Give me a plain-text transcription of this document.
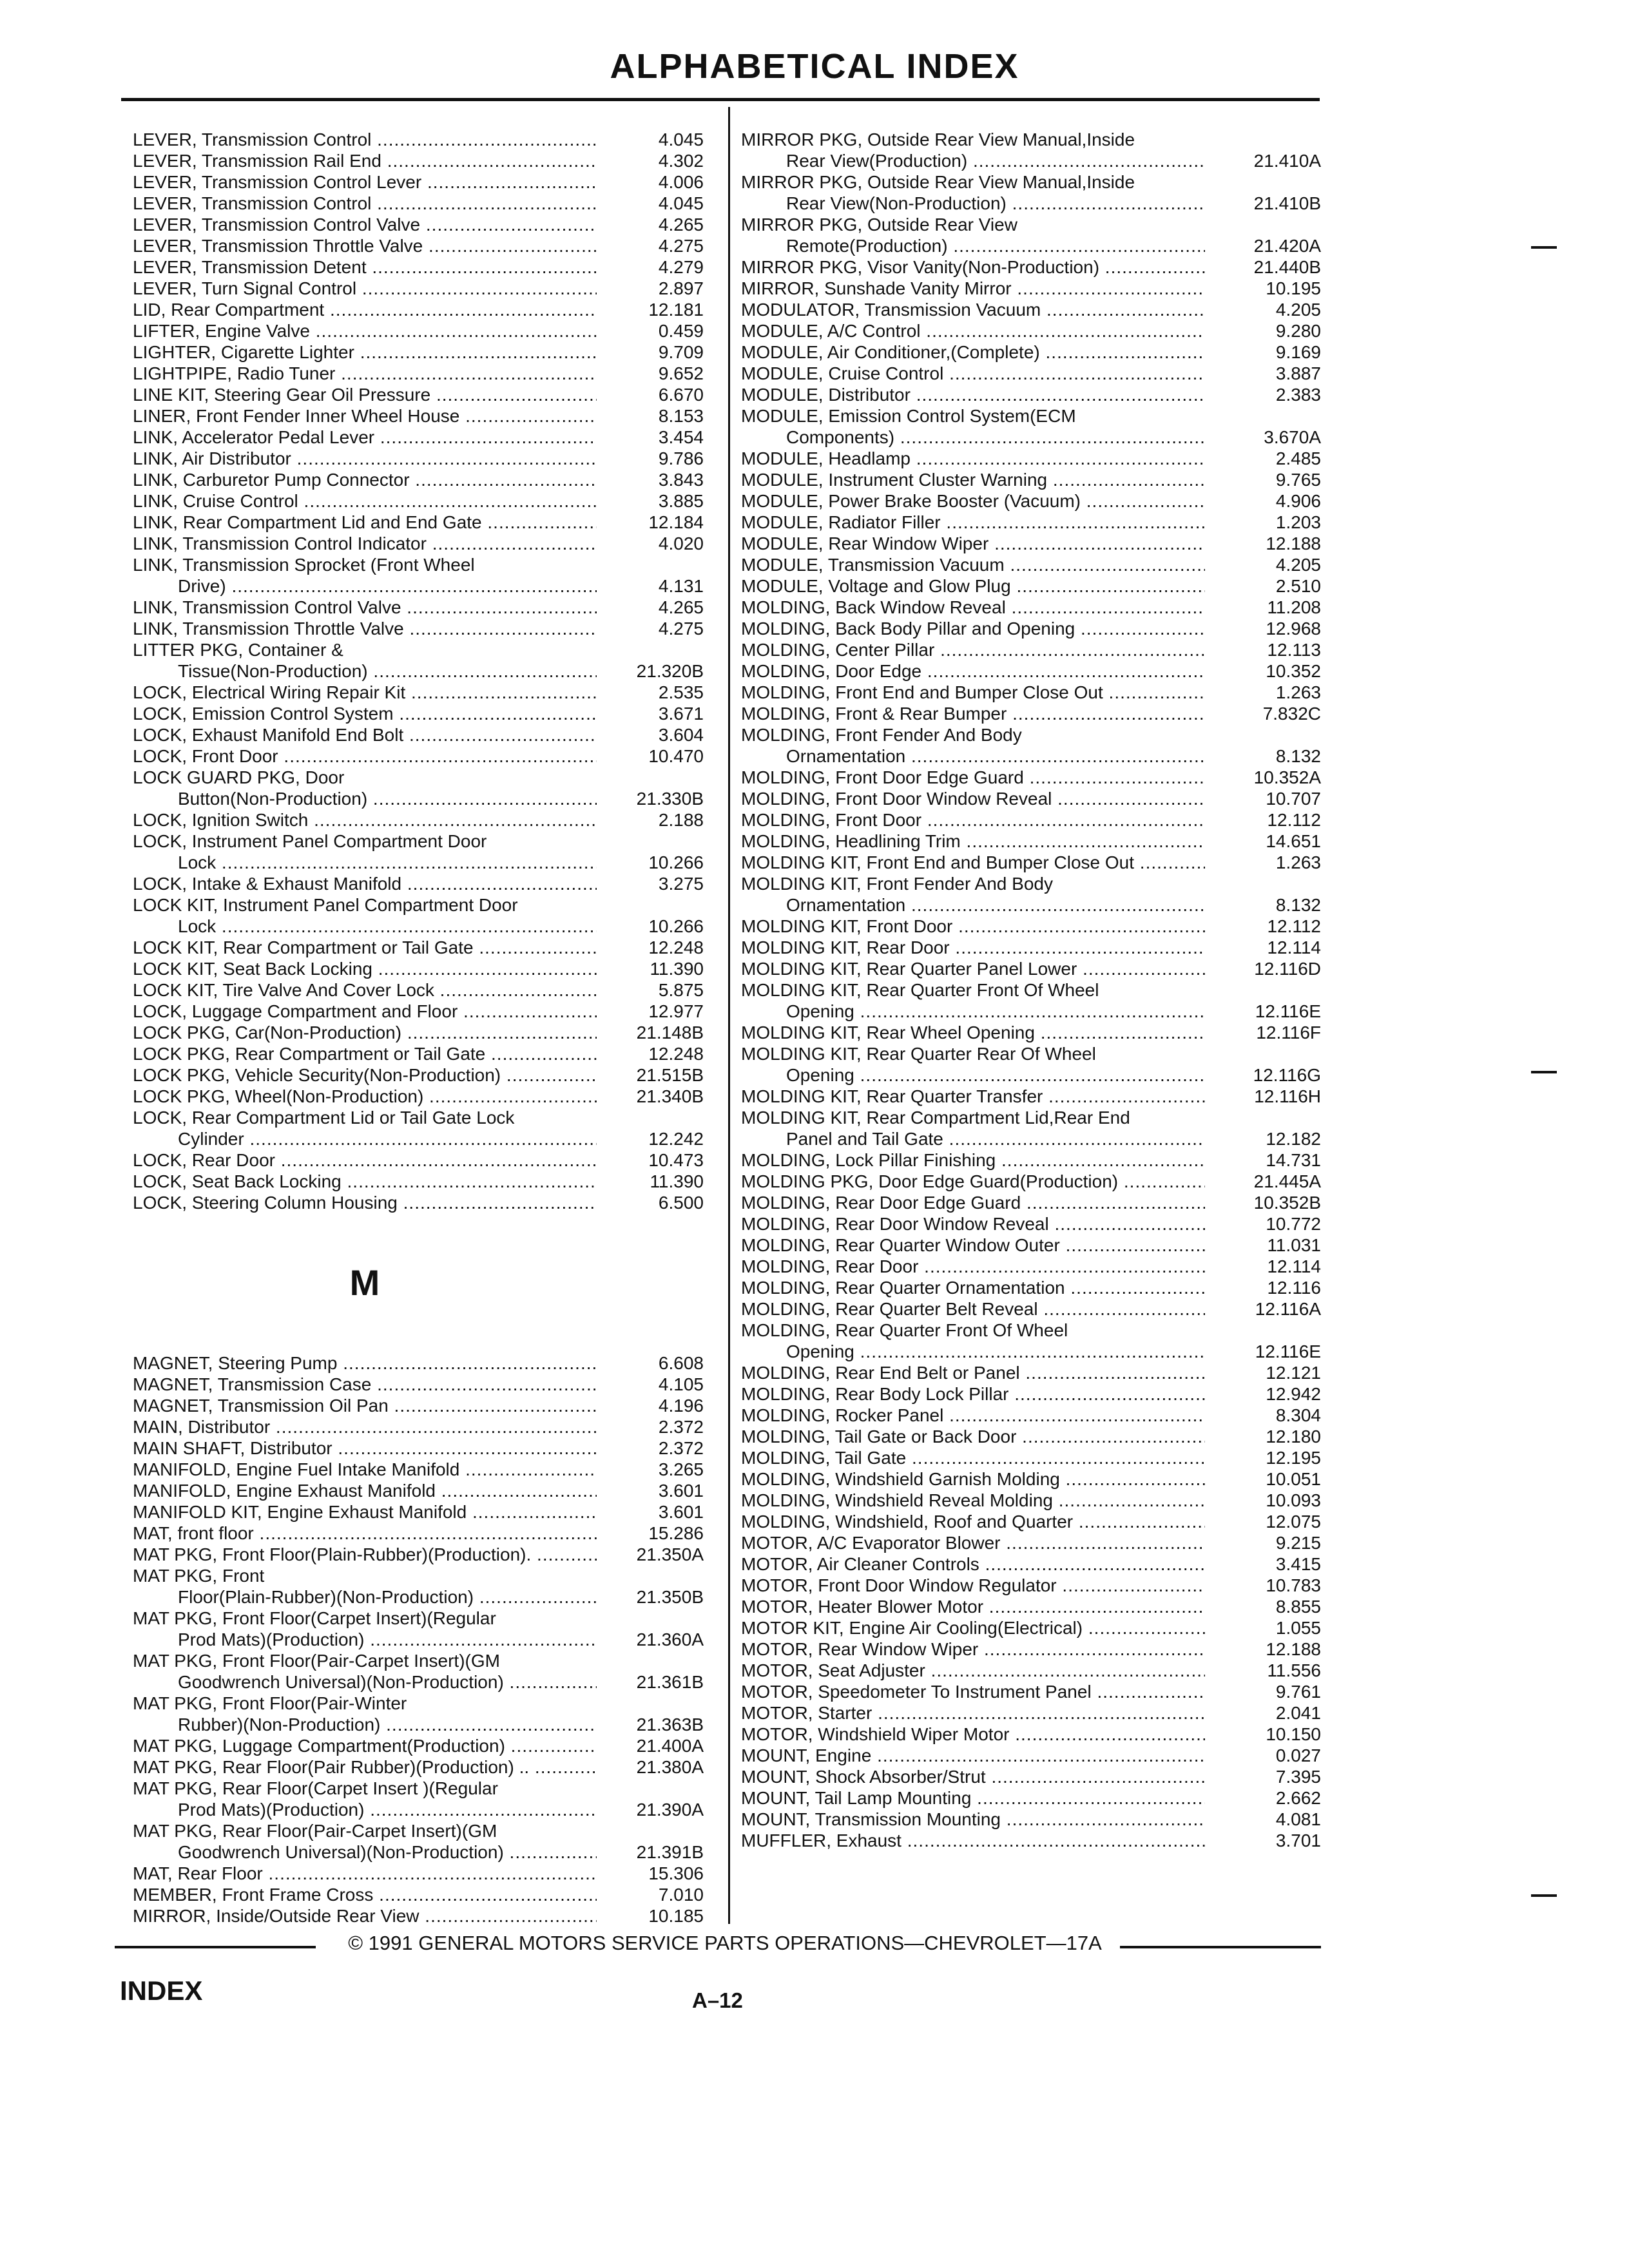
ALPHABETICAL INDEX
LEVER, Transmission Control .....	4.045
LEVER, Transmission Rail End .....	4.302
LEVER, Transmission Control Lever .....	4.006
LEVER, Transmission Control .....	4.045
LEVER, Transmission Control Valve .....	4.265
LEVER, Transmission Throttle Valve .....	4.275
LEVER, Transmission Detent .....	4.279
LEVER, Turn Signal Control .....	2.897
LID, Rear Compartment .....	12.181
LIFTER, Engine Valve .....	0.459
LIGHTER, Cigarette Lighter .....	9.709
LIGHTPIPE, Radio Tuner .....	9.652
LINE KIT, Steering Gear Oil Pressure .....	6.670
LINER, Front Fender Inner Wheel House .....	8.153
LINK, Accelerator Pedal Lever .....	3.454
LINK, Air Distributor .....	9.786
LINK, Carburetor Pump Connector .....	3.843
LINK, Cruise Control .....	3.885
LINK, Rear Compartment Lid and End Gate .....	12.184
LINK, Transmission Control Indicator .....	4.020
LINK, Transmission Sprocket (Front Wheel
Drive) .....	4.131
LINK, Transmission Control Valve .....	4.265
LINK, Transmission Throttle Valve .....	4.275
LITTER PKG, Container &
Tissue(Non-Production) .....	21.320B
LOCK, Electrical Wiring Repair Kit .....	2.535
LOCK, Emission Control System .....	3.671
LOCK, Exhaust Manifold End Bolt .....	3.604
LOCK, Front Door .....	10.470
LOCK GUARD PKG, Door
Button(Non-Production) .....	21.330B
LOCK, Ignition Switch .....	2.188
LOCK, Instrument Panel Compartment Door
Lock .....	10.266
LOCK, Intake & Exhaust Manifold .....	3.275
LOCK KIT, Instrument Panel Compartment Door
Lock .....	10.266
LOCK KIT, Rear Compartment or Tail Gate .....	12.248
LOCK KIT, Seat Back Locking .....	11.390
LOCK KIT, Tire Valve And Cover Lock .....	5.875
LOCK, Luggage Compartment and Floor .....	12.977
LOCK PKG, Car(Non-Production) .....	21.148B
LOCK PKG, Rear Compartment or Tail Gate .....	12.248
LOCK PKG, Vehicle Security(Non-Production) .....	21.515B
LOCK PKG, Wheel(Non-Production) .....	21.340B
LOCK, Rear Compartment Lid or Tail Gate Lock
Cylinder .....	12.242
LOCK, Rear Door .....	10.473
LOCK, Seat Back Locking .....	11.390
LOCK, Steering Column Housing .....	6.500
M
MAGNET, Steering Pump .....	6.608
MAGNET, Transmission Case .....	4.105
MAGNET, Transmission Oil Pan .....	4.196
MAIN, Distributor .....	2.372
MAIN SHAFT, Distributor .....	2.372
MANIFOLD, Engine Fuel Intake Manifold .....	3.265
MANIFOLD, Engine Exhaust Manifold .....	3.601
MANIFOLD KIT, Engine Exhaust Manifold .....	3.601
MAT, front floor .....	15.286
MAT PKG, Front Floor(Plain-Rubber)(Production). .....	21.350A
MAT PKG, Front
Floor(Plain-Rubber)(Non-Production) .....	21.350B
MAT PKG, Front Floor(Carpet Insert)(Regular
Prod Mats)(Production) .....	21.360A
MAT PKG, Front Floor(Pair-Carpet Insert)(GM
Goodwrench Universal)(Non-Production) .....	21.361B
MAT PKG, Front Floor(Pair-Winter
Rubber)(Non-Production) .....	21.363B
MAT PKG, Luggage Compartment(Production) .....	21.400A
MAT PKG, Rear Floor(Pair Rubber)(Production) .. .....	21.380A
MAT PKG, Rear Floor(Carpet Insert )(Regular
Prod Mats)(Production) .....	21.390A
MAT PKG, Rear Floor(Pair-Carpet Insert)(GM
Goodwrench Universal)(Non-Production) .....	21.391B
MAT, Rear Floor .....	15.306
MEMBER, Front Frame Cross .....	7.010
MIRROR, Inside/Outside Rear View .....	10.185
MIRROR PKG, Outside Rear View Manual,Inside
Rear View(Production) .....	21.410A
MIRROR PKG, Outside Rear View Manual,Inside
Rear View(Non-Production) .....	21.410B
MIRROR PKG, Outside Rear View
Remote(Production) .....	21.420A
MIRROR PKG, Visor Vanity(Non-Production) .....	21.440B
MIRROR, Sunshade Vanity Mirror .....	10.195
MODULATOR, Transmission Vacuum .....	4.205
MODULE, A/C Control .....	9.280
MODULE, Air Conditioner,(Complete) .....	9.169
MODULE, Cruise Control .....	3.887
MODULE, Distributor .....	2.383
MODULE, Emission Control System(ECM
Components) .....	3.670A
MODULE, Headlamp .....	2.485
MODULE, Instrument Cluster Warning .....	9.765
MODULE, Power Brake Booster (Vacuum) .....	4.906
MODULE, Radiator Filler .....	1.203
MODULE, Rear Window Wiper .....	12.188
MODULE, Transmission Vacuum .....	4.205
MODULE, Voltage and Glow Plug .....	2.510
MOLDING, Back Window Reveal .....	11.208
MOLDING, Back Body Pillar and Opening .....	12.968
MOLDING, Center Pillar .....	12.113
MOLDING, Door Edge .....	10.352
MOLDING, Front End and Bumper Close Out .....	1.263
MOLDING, Front & Rear Bumper .....	7.832C
MOLDING, Front Fender And Body
Ornamentation .....	8.132
MOLDING, Front Door Edge Guard .....	10.352A
MOLDING, Front Door Window Reveal .....	10.707
MOLDING, Front Door .....	12.112
MOLDING, Headlining Trim .....	14.651
MOLDING KIT, Front End and Bumper Close Out .....	1.263
MOLDING KIT, Front Fender And Body
Ornamentation .....	8.132
MOLDING KIT, Front Door .....	12.112
MOLDING KIT, Rear Door .....	12.114
MOLDING KIT, Rear Quarter Panel Lower .....	12.116D
MOLDING KIT, Rear Quarter Front Of Wheel
Opening .....	12.116E
MOLDING KIT, Rear Wheel Opening .....	12.116F
MOLDING KIT, Rear Quarter Rear Of Wheel
Opening .....	12.116G
MOLDING KIT, Rear Quarter Transfer .....	12.116H
MOLDING KIT, Rear Compartment Lid,Rear End
Panel and Tail Gate .....	12.182
MOLDING, Lock Pillar Finishing .....	14.731
MOLDING PKG, Door Edge Guard(Production) .....	21.445A
MOLDING, Rear Door Edge Guard .....	10.352B
MOLDING, Rear Door Window Reveal .....	10.772
MOLDING, Rear Quarter Window Outer .....	11.031
MOLDING, Rear Door .....	12.114
MOLDING, Rear Quarter Ornamentation .....	12.116
MOLDING, Rear Quarter Belt Reveal .....	12.116A
MOLDING, Rear Quarter Front Of Wheel
Opening .....	12.116E
MOLDING, Rear End Belt or Panel .....	12.121
MOLDING, Rear Body Lock Pillar .....	12.942
MOLDING, Rocker Panel .....	8.304
MOLDING, Tail Gate or Back Door .....	12.180
MOLDING, Tail Gate .....	12.195
MOLDING, Windshield Garnish Molding .....	10.051
MOLDING, Windshield Reveal Molding .....	10.093
MOLDING, Windshield, Roof and Quarter .....	12.075
MOTOR, A/C Evaporator Blower .....	9.215
MOTOR, Air Cleaner Controls .....	3.415
MOTOR, Front Door Window Regulator .....	10.783
MOTOR, Heater Blower Motor .....	8.855
MOTOR KIT, Engine Air Cooling(Electrical) .....	1.055
MOTOR, Rear Window Wiper .....	12.188
MOTOR, Seat Adjuster .....	11.556
MOTOR, Speedometer To Instrument Panel .....	9.761
MOTOR, Starter .....	2.041
MOTOR, Windshield Wiper Motor .....	10.150
MOUNT, Engine .....	0.027
MOUNT, Shock Absorber/Strut .....	7.395
MOUNT, Tail Lamp Mounting .....	2.662
MOUNT, Transmission Mounting .....	4.081
MUFFLER, Exhaust .....	3.701
© 1991 GENERAL MOTORS SERVICE PARTS OPERATIONS—CHEVROLET—17A
INDEX	A–12
